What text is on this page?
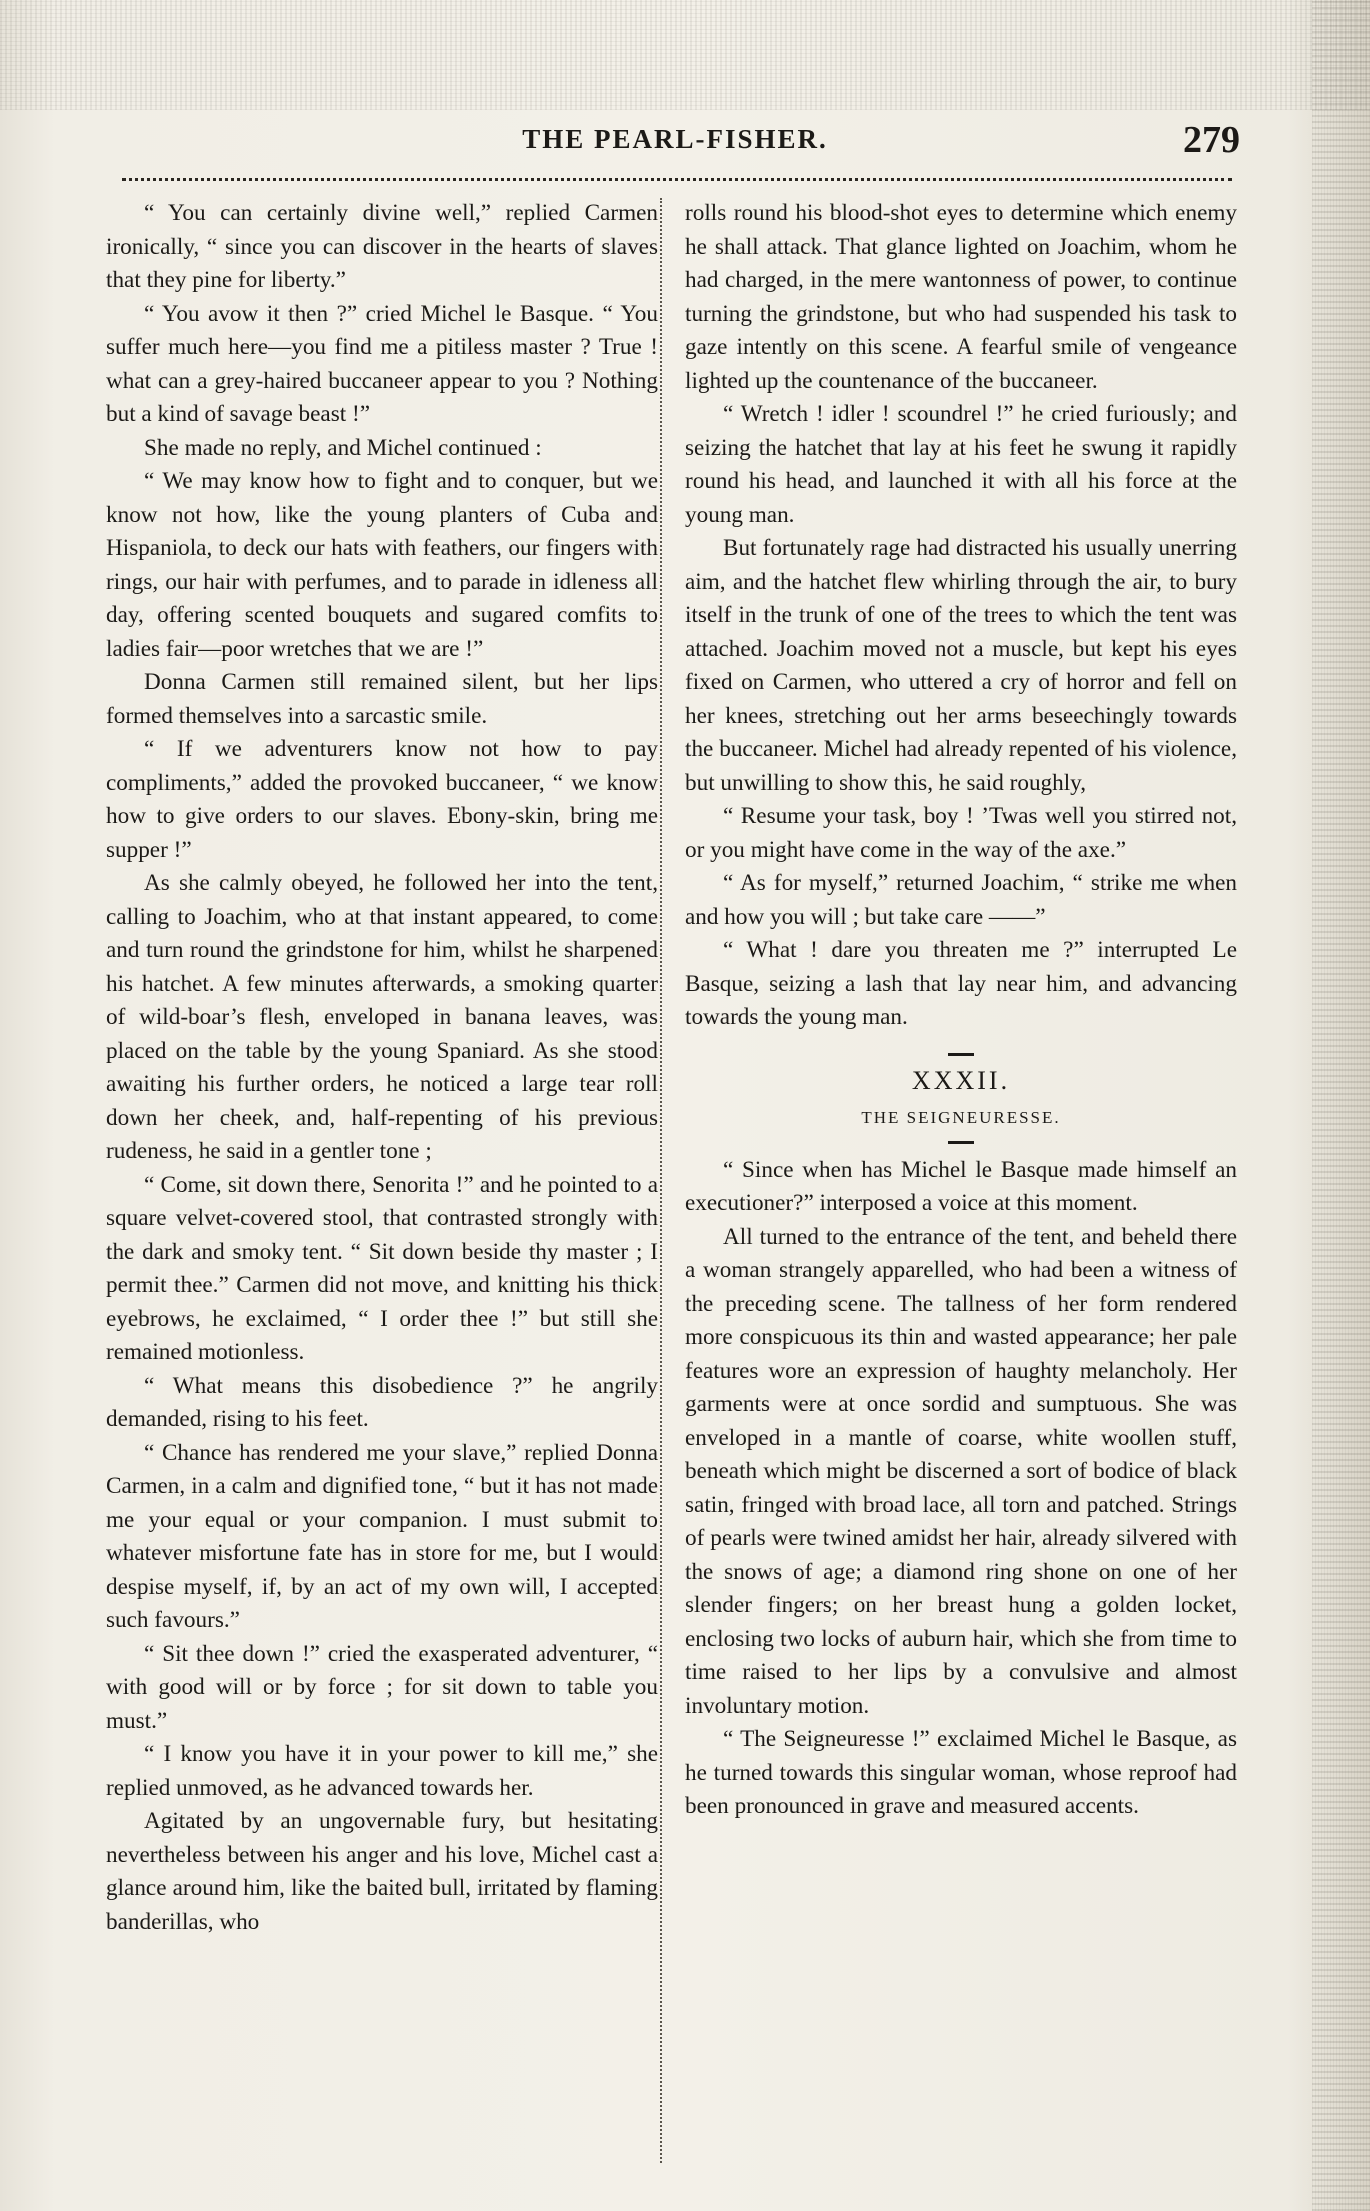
THE PEARL-FISHER.	279

“ You can certainly divine well,” replied Carmen ironically, “ since you can discover in the hearts of slaves that they pine for liberty.”

“ You avow it then ?” cried Michel le Basque. “ You suffer much here—you find me a pitiless master ? True ! what can a grey-haired buccaneer appear to you ? Nothing but a kind of savage beast !”

She made no reply, and Michel continued :

“ We may know how to fight and to conquer, but we know not how, like the young planters of Cuba and Hispaniola, to deck our hats with feathers, our fingers with rings, our hair with perfumes, and to parade in idleness all day, offering scented bouquets and sugared comfits to ladies fair—poor wretches that we are !”

Donna Carmen still remained silent, but her lips formed themselves into a sarcastic smile.

“ If we adventurers know not how to pay compliments,” added the provoked buccaneer, “ we know how to give orders to our slaves. Ebony-skin, bring me supper !”

As she calmly obeyed, he followed her into the tent, calling to Joachim, who at that instant appeared, to come and turn round the grindstone for him, whilst he sharpened his hatchet. A few minutes afterwards, a smoking quarter of wild-boar’s flesh, enveloped in banana leaves, was placed on the table by the young Spaniard. As she stood awaiting his further orders, he noticed a large tear roll down her cheek, and, half-repenting of his previous rudeness, he said in a gentler tone ;

“ Come, sit down there, Senorita !” and he pointed to a square velvet-covered stool, that contrasted strongly with the dark and smoky tent. “ Sit down beside thy master ; I permit thee.” Carmen did not move, and knitting his thick eyebrows, he exclaimed, “ I order thee !” but still she remained motionless.

“ What means this disobedience ?” he angrily demanded, rising to his feet.

“ Chance has rendered me your slave,” replied Donna Carmen, in a calm and dignified tone, “ but it has not made me your equal or your companion. I must submit to whatever misfortune fate has in store for me, but I would despise myself, if, by an act of my own will, I accepted such favours.”

“ Sit thee down !” cried the exasperated adventurer, “ with good will or by force ; for sit down to table you must.”

“ I know you have it in your power to kill me,” she replied unmoved, as he advanced towards her.

Agitated by an ungovernable fury, but hesitating nevertheless between his anger and his love, Michel cast a glance around him, like the baited bull, irritated by flaming banderillas, who

rolls round his blood-shot eyes to determine which enemy he shall attack. That glance lighted on Joachim, whom he had charged, in the mere wantonness of power, to continue turning the grindstone, but who had suspended his task to gaze intently on this scene. A fearful smile of vengeance lighted up the countenance of the buccaneer.

“ Wretch ! idler ! scoundrel !” he cried furiously; and seizing the hatchet that lay at his feet he swung it rapidly round his head, and launched it with all his force at the young man.

But fortunately rage had distracted his usually unerring aim, and the hatchet flew whirling through the air, to bury itself in the trunk of one of the trees to which the tent was attached. Joachim moved not a muscle, but kept his eyes fixed on Carmen, who uttered a cry of horror and fell on her knees, stretching out her arms beseechingly towards the buccaneer. Michel had already repented of his violence, but unwilling to show this, he said roughly,

“ Resume your task, boy ! ’Twas well you stirred not, or you might have come in the way of the axe.”

“ As for myself,” returned Joachim, “ strike me when and how you will ; but take care ——”

“ What ! dare you threaten me ?” interrupted Le Basque, seizing a lash that lay near him, and advancing towards the young man.

XXXII.
THE SEIGNEURESSE.

“ Since when has Michel le Basque made himself an executioner?” interposed a voice at this moment.

All turned to the entrance of the tent, and beheld there a woman strangely apparelled, who had been a witness of the preceding scene. The tallness of her form rendered more conspicuous its thin and wasted appearance; her pale features wore an expression of haughty melancholy. Her garments were at once sordid and sumptuous. She was enveloped in a mantle of coarse, white woollen stuff, beneath which might be discerned a sort of bodice of black satin, fringed with broad lace, all torn and patched. Strings of pearls were twined amidst her hair, already silvered with the snows of age; a diamond ring shone on one of her slender fingers; on her breast hung a golden locket, enclosing two locks of auburn hair, which she from time to time raised to her lips by a convulsive and almost involuntary motion.

“ The Seigneuresse !” exclaimed Michel le Basque, as he turned towards this singular woman, whose reproof had been pronounced in grave and measured accents.
